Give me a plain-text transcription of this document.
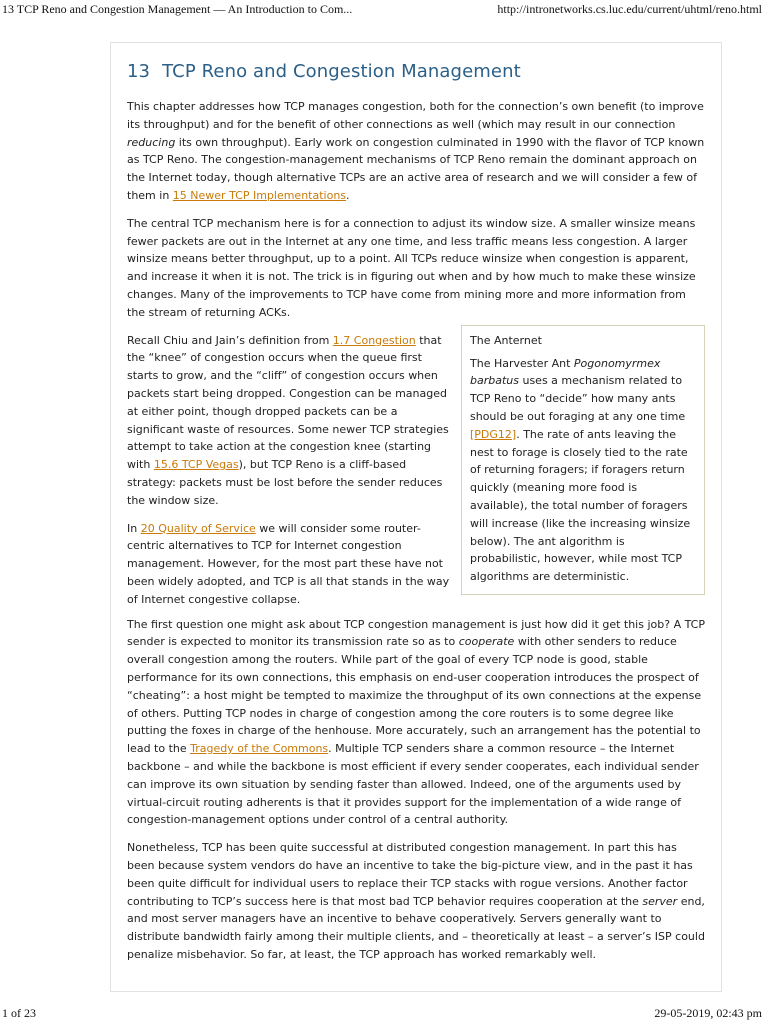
13 TCP Reno and Congestion Management — An Introduction to Com...	http://intronetworks.cs.luc.edu/current/uhtml/reno.html
13 TCP Reno and Congestion Management

This chapter addresses how TCP manages congestion, both for the connection’s own benefit (to improve its throughput) and for the benefit of other connections as well (which may result in our connection reducing its own throughput). Early work on congestion culminated in 1990 with the flavor of TCP known as TCP Reno. The congestion-management mechanisms of TCP Reno remain the dominant approach on the Internet today, though alternative TCPs are an active area of research and we will consider a few of them in 15 Newer TCP Implementations.

The central TCP mechanism here is for a connection to adjust its window size. A smaller winsize means fewer packets are out in the Internet at any one time, and less traffic means less congestion. A larger winsize means better throughput, up to a point. All TCPs reduce winsize when congestion is apparent, and increase it when it is not. The trick is in figuring out when and by how much to make these winsize changes. Many of the improvements to TCP have come from mining more and more information from the stream of returning ACKs.

Recall Chiu and Jain’s definition from 1.7 Congestion that the “knee” of congestion occurs when the queue first starts to grow, and the “cliff” of congestion occurs when packets start being dropped. Congestion can be managed at either point, though dropped packets can be a significant waste of resources. Some newer TCP strategies attempt to take action at the congestion knee (starting with 15.6 TCP Vegas), but TCP Reno is a cliff-based strategy: packets must be lost before the sender reduces the window size.

In 20 Quality of Service we will consider some router-centric alternatives to TCP for Internet congestion management. However, for the most part these have not been widely adopted, and TCP is all that stands in the way of Internet congestive collapse.

The Anternet

The Harvester Ant Pogonomyrmex barbatus uses a mechanism related to TCP Reno to “decide” how many ants should be out foraging at any one time [PDG12]. The rate of ants leaving the nest to forage is closely tied to the rate of returning foragers; if foragers return quickly (meaning more food is available), the total number of foragers will increase (like the increasing winsize below). The ant algorithm is probabilistic, however, while most TCP algorithms are deterministic.

The first question one might ask about TCP congestion management is just how did it get this job? A TCP sender is expected to monitor its transmission rate so as to cooperate with other senders to reduce overall congestion among the routers. While part of the goal of every TCP node is good, stable performance for its own connections, this emphasis on end-user cooperation introduces the prospect of “cheating”: a host might be tempted to maximize the throughput of its own connections at the expense of others. Putting TCP nodes in charge of congestion among the core routers is to some degree like putting the foxes in charge of the henhouse. More accurately, such an arrangement has the potential to lead to the Tragedy of the Commons. Multiple TCP senders share a common resource – the Internet backbone – and while the backbone is most efficient if every sender cooperates, each individual sender can improve its own situation by sending faster than allowed. Indeed, one of the arguments used by virtual-circuit routing adherents is that it provides support for the implementation of a wide range of congestion-management options under control of a central authority.

Nonetheless, TCP has been quite successful at distributed congestion management. In part this has been because system vendors do have an incentive to take the big-picture view, and in the past it has been quite difficult for individual users to replace their TCP stacks with rogue versions. Another factor contributing to TCP’s success here is that most bad TCP behavior requires cooperation at the server end, and most server managers have an incentive to behave cooperatively. Servers generally want to distribute bandwidth fairly among their multiple clients, and – theoretically at least – a server’s ISP could penalize misbehavior. So far, at least, the TCP approach has worked remarkably well.

1 of 23	29-05-2019, 02:43 pm
